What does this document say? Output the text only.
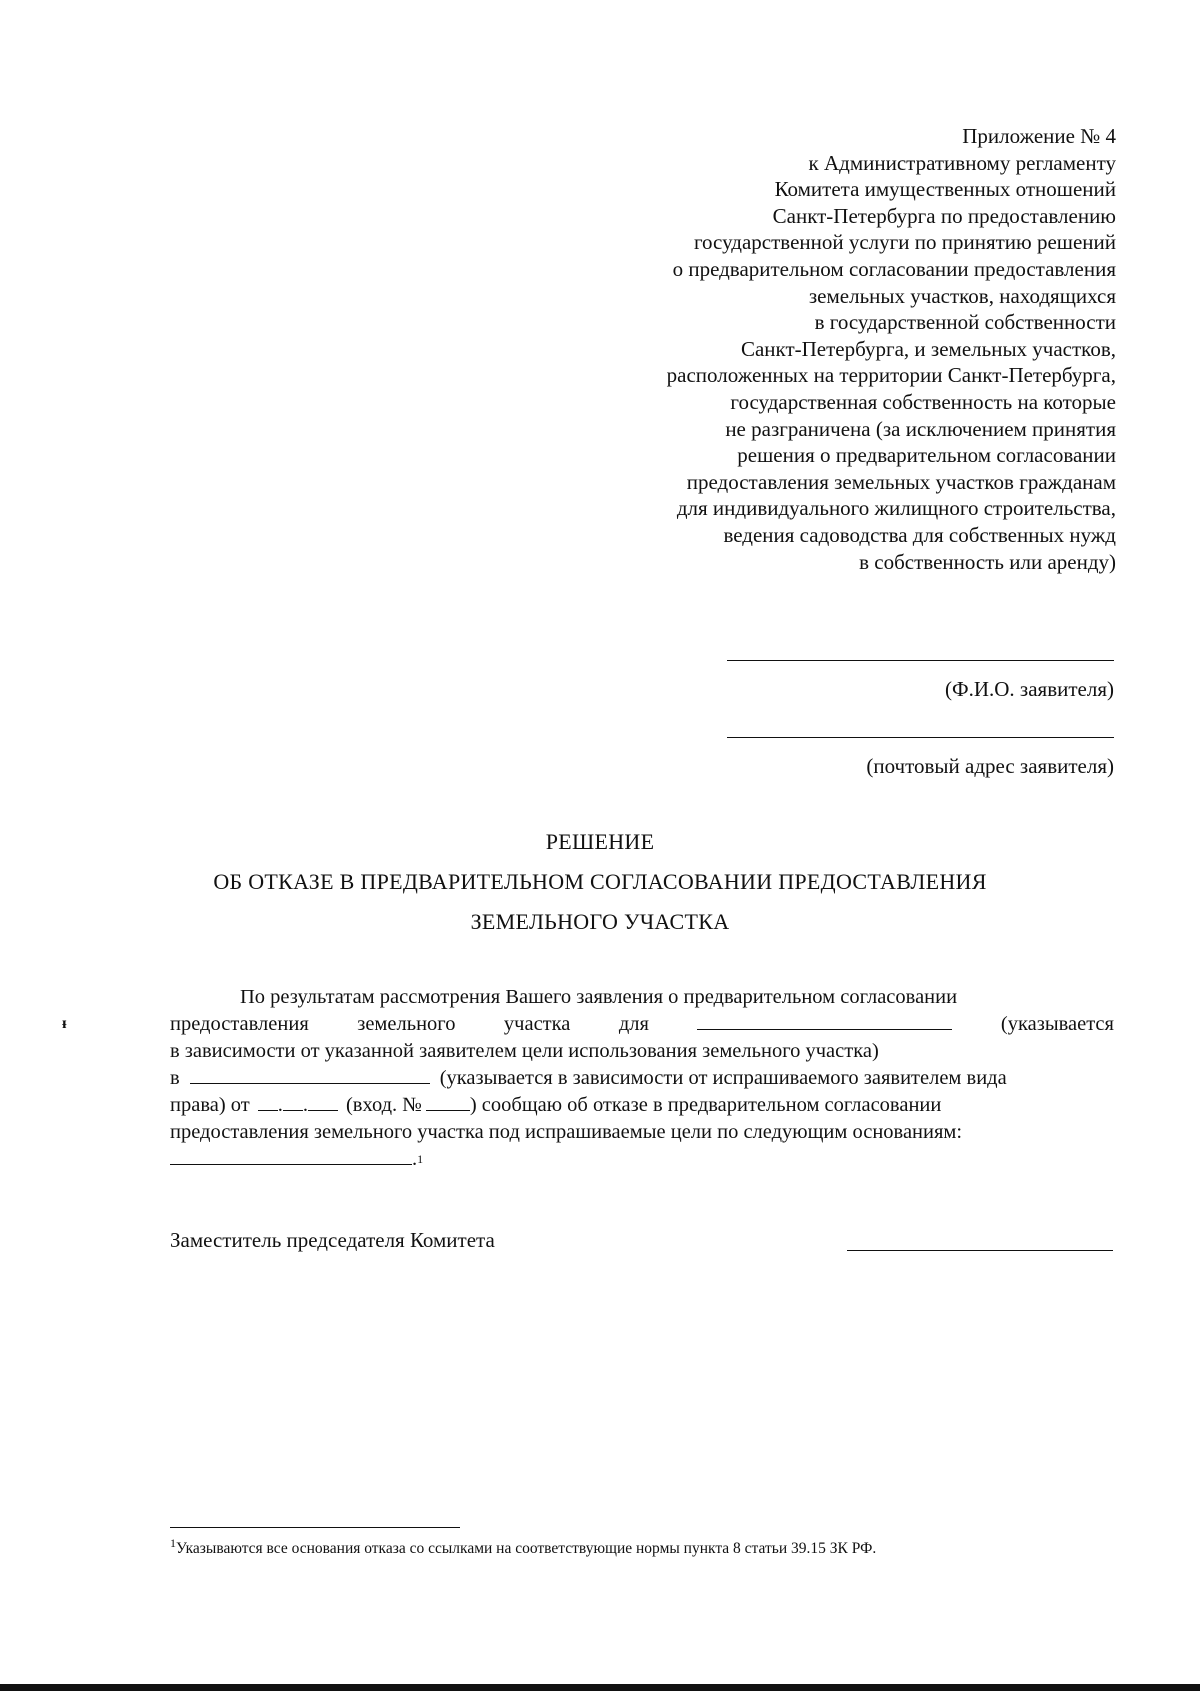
Приложение № 4
к Административному регламенту
Комитета имущественных отношений
Санкт-Петербурга по предоставлению
государственной услуги по принятию решений
о предварительном согласовании предоставления
земельных участков, находящихся
в государственной собственности
Санкт-Петербурга, и земельных участков,
расположенных на территории Санкт-Петербурга,
государственная собственность на которые
не разграничена (за исключением принятия
решения о предварительном согласовании
предоставления земельных участков гражданам
для индивидуального жилищного строительства,
ведения садоводства для собственных нужд
в собственность или аренду)
(Ф.И.О. заявителя)
(почтовый адрес заявителя)
РЕШЕНИЕ
ОБ ОТКАЗЕ В ПРЕДВАРИТЕЛЬНОМ СОГЛАСОВАНИИ ПРЕДОСТАВЛЕНИЯ
ЗЕМЕЛЬНОГО УЧАСТКА
ᵻ
По результатам рассмотрения Вашего заявления о предварительном согласовании
предоставления земельного участка для	(указывается
в зависимости от указанной заявителем цели использования земельного участка)
в	(указывается в зависимости от испрашиваемого заявителем вида
права) от	. .	(вход. № ) сообщаю об отказе в предварительном согласовании
предоставления земельного участка под испрашиваемые цели по следующим основаниям:
. 1
Заместитель председателя Комитета
$^1$Указываются все основания отказа со ссылками на соответствующие нормы пункта 8 статьи 39.15 ЗК РФ.
